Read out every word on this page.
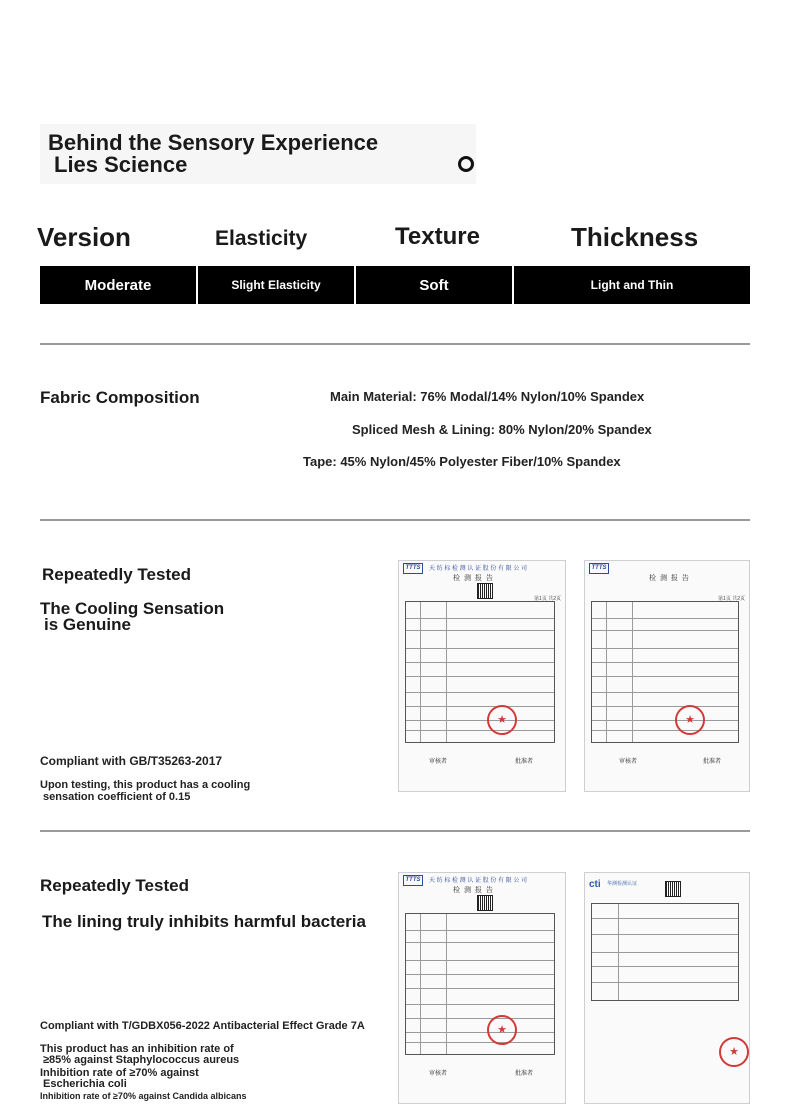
Behind the Sensory Experience
Lies Science
Version	Elasticity	Texture	Thickness
Moderate	Slight Elasticity	Soft	Light and Thin
Fabric Composition	Main Material: 76% Modal/14% Nylon/10% Spandex
Spliced Mesh & Lining: 80% Nylon/20% Spandex
Tape: 45% Nylon/45% Polyester Fiber/10% Spandex
Repeatedly Tested
The Cooling Sensation
is Genuine
Compliant with GB/T35263-2017
Upon testing, this product has a cooling
sensation coefficient of 0.15
TTTS	天 纺 标 检 测 认 证 股 份 有 限 公 司
检 测 报 告
第1页 共2页
★
审核者	批准者
TTTS
检 测 报 告
第1页 共2页
★
审核者	批准者
Repeatedly Tested
The lining truly inhibits harmful bacteria
Compliant with T/GDBX056-2022 Antibacterial Effect Grade 7A
This product has an inhibition rate of
≥85% against Staphylococcus aureus
Inhibition rate of ≥70% against
Escherichia coli
Inhibition rate of ≥70% against Candida albicans
TTTS	天 纺 标 检 测 认 证 股 份 有 限 公 司
检 测 报 告
★
审核者	批准者
cti 华测检测认证
★
